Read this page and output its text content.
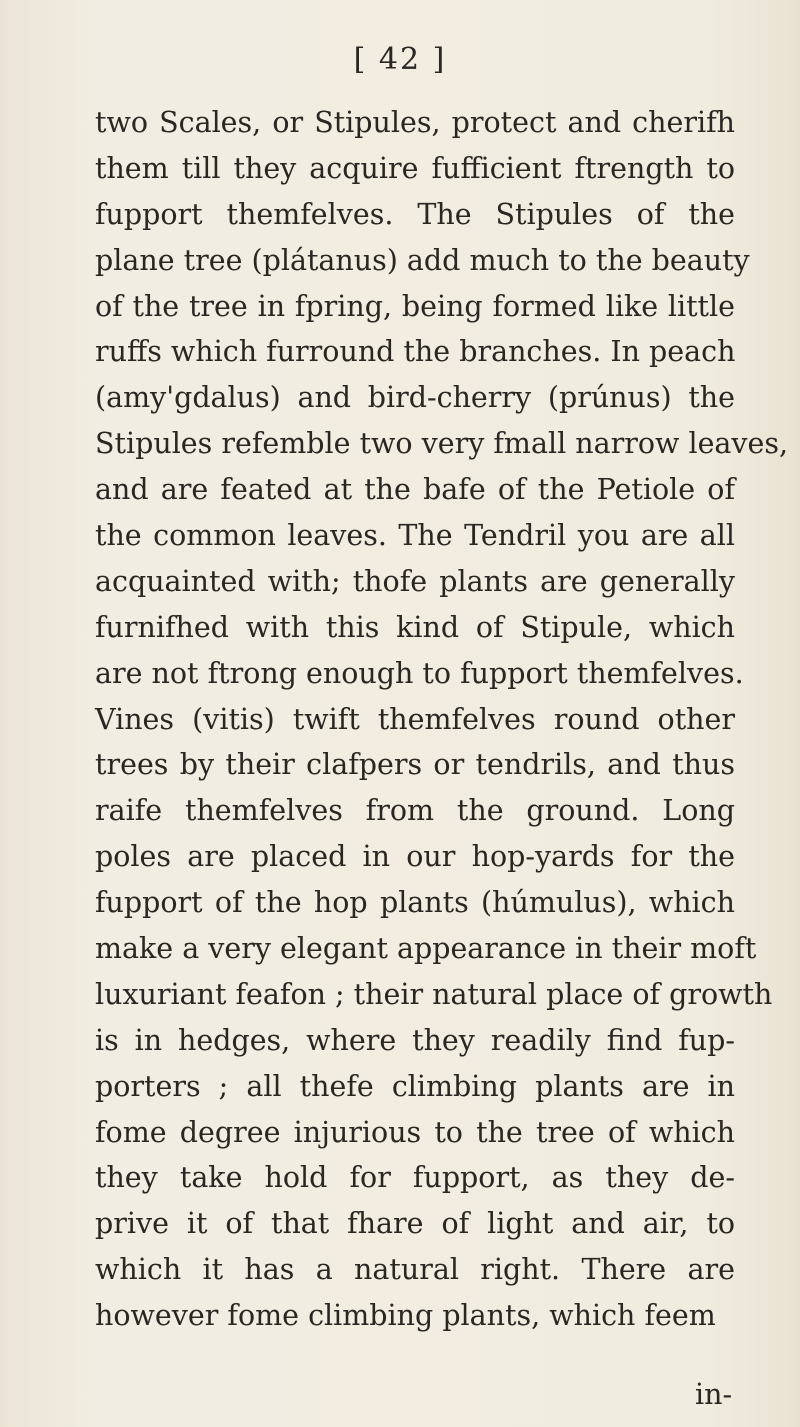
[ 42 ]
two Scales, or Stipules, protect and cherifh
them till they acquire fufficient ftrength to
fupport themfelves. The Stipules of the
plane tree (plátanus) add much to the beauty
of the tree in fpring, being formed like little
ruffs which furround the branches. In peach
(amy'gdalus) and bird-cherry (prúnus) the
Stipules refemble two very fmall narrow leaves,
and are feated at the bafe of the Petiole of
the common leaves. The Tendril you are all
acquainted with; thofe plants are generally
furnifhed with this kind of Stipule, which
are not ftrong enough to fupport themfelves.
Vines (vitis) twift themfelves round other
trees by their clafpers or tendrils, and thus
raife themfelves from the ground. Long
poles are placed in our hop-yards for the
fupport of the hop plants (húmulus), which
make a very elegant appearance in their moft
luxuriant feafon ; their natural place of growth
is in hedges, where they readily find fup-
porters ; all thefe climbing plants are in
fome degree injurious to the tree of which
they take hold for fupport, as they de-
prive it of that fhare of light and air, to
which it has a natural right. There are
however fome climbing plants, which feem
in-
